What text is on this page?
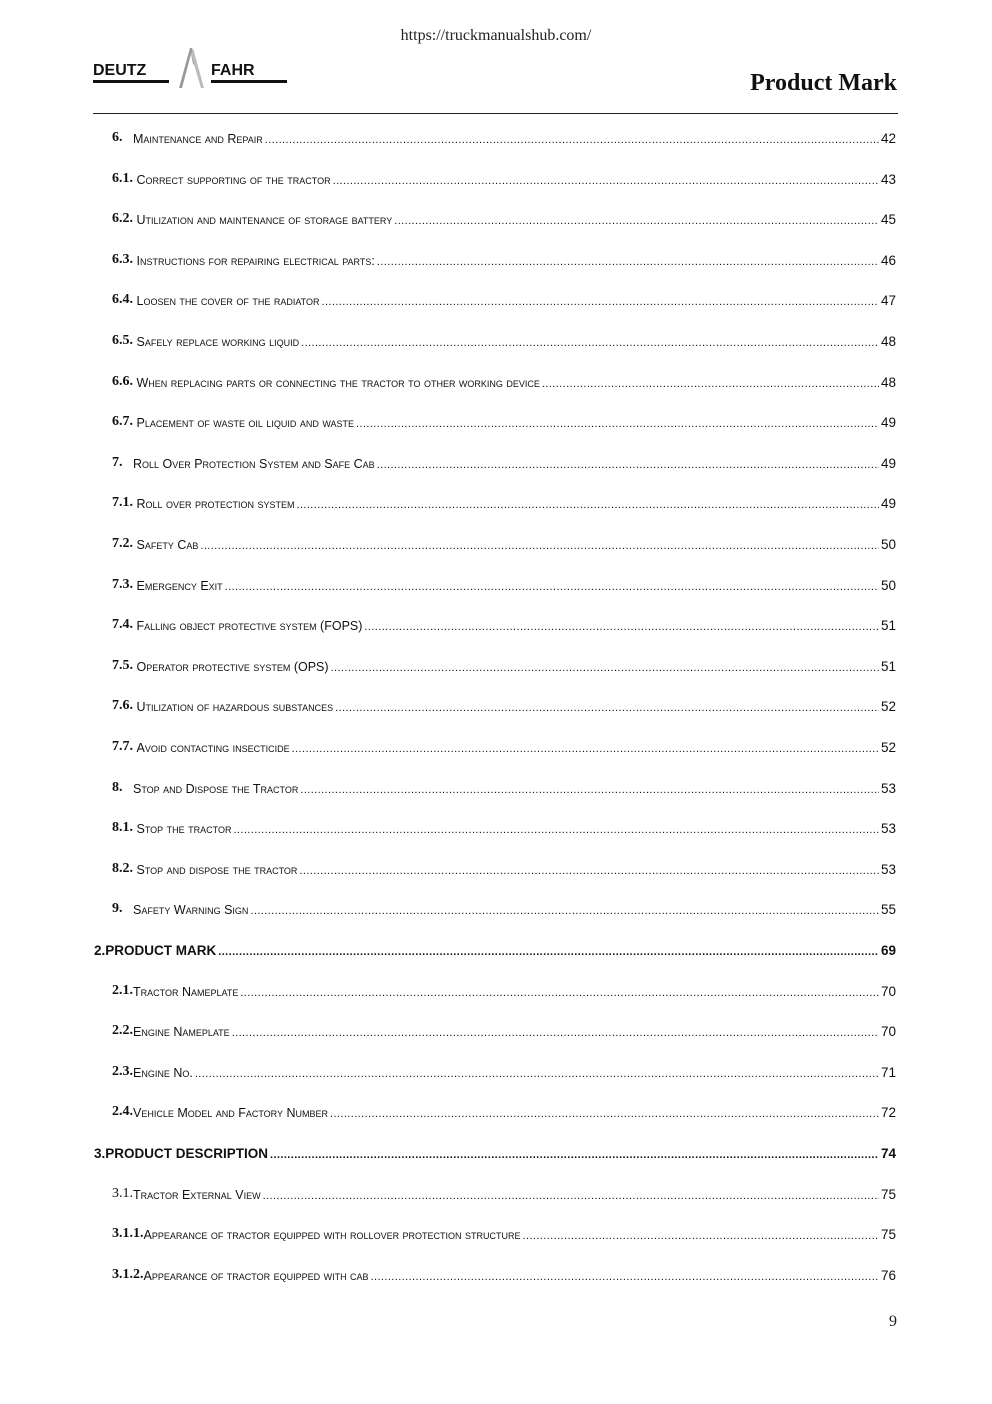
https://truckmanualshub.com/
DEUTZ	FAHR	Product Mark
6. Maintenance and Repair .....	42
6.1. Correct supporting of the tractor .....	43
6.2. Utilization and maintenance of storage battery .....	45
6.3. Instructions for repairing electrical parts: .....	46
6.4. Loosen the cover of the radiator .....	47
6.5. Safely replace working liquid .....	48
6.6. When replacing parts or connecting the tractor to other working device .....	48
6.7. Placement of waste oil liquid and waste .....	49
7. Roll Over Protection System and Safe Cab .....	49
7.1. Roll over protection system .....	49
7.2. Safety Cab .....	50
7.3. Emergency Exit .....	50
7.4. Falling object protective system (FOPS) .....	51
7.5. Operator protective system (OPS) .....	51
7.6. Utilization of hazardous substances .....	52
7.7. Avoid contacting insecticide .....	52
8. Stop and Dispose the Tractor .....	53
8.1. Stop the tractor .....	53
8.2. Stop and dispose the tractor .....	53
9. Safety Warning Sign .....	55
2.PRODUCT MARK .....	69
2.1. Tractor Nameplate .....	70
2.2. Engine Nameplate .....	70
2.3. Engine No. .....	71
2.4. Vehicle Model and Factory Number .....	72
3.PRODUCT DESCRIPTION .....	74
3.1. Tractor External View .....	75
3.1.1. Appearance of tractor equipped with rollover protection structure .....	75
3.1.2. Appearance of tractor equipped with cab .....	76
9
